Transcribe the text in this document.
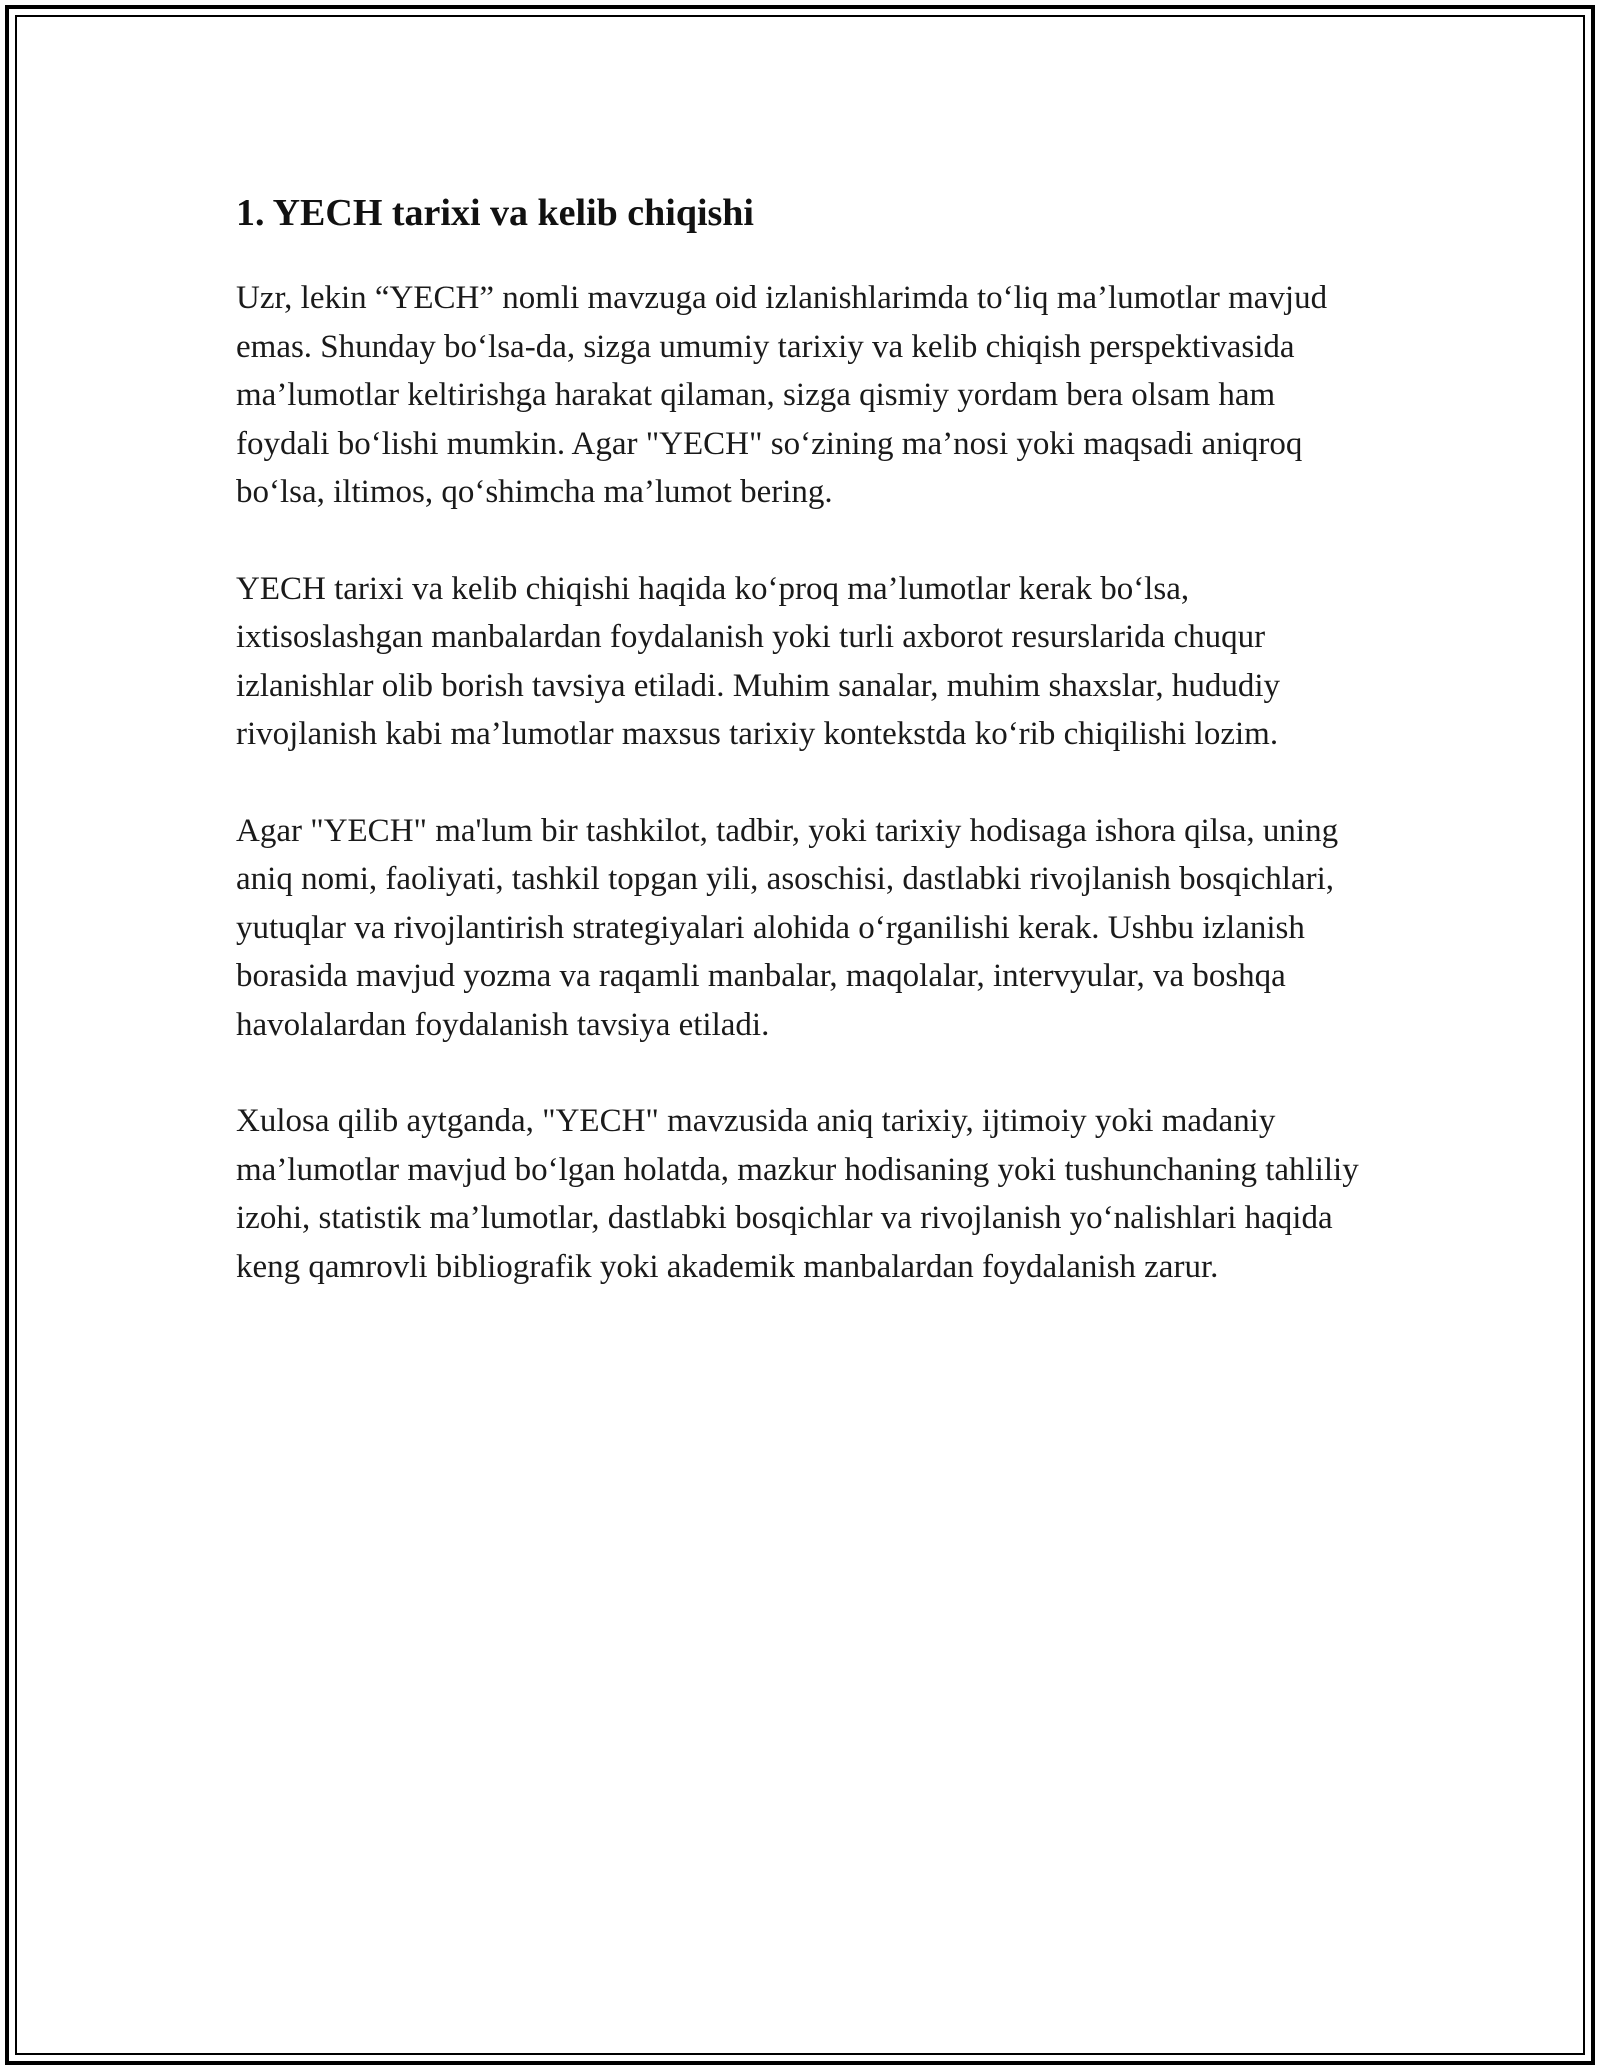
1. YECH tarixi va kelib chiqishi

Uzr, lekin “YECH” nomli mavzuga oid izlanishlarimda to‘liq ma’lumotlar mavjud emas. Shunday bo‘lsa-da, sizga umumiy tarixiy va kelib chiqish perspektivasida ma’lumotlar keltirishga harakat qilaman, sizga qismiy yordam bera olsam ham foydali bo‘lishi mumkin. Agar "YECH" so‘zining ma’nosi yoki maqsadi aniqroq bo‘lsa, iltimos, qo‘shimcha ma’lumot bering.

YECH tarixi va kelib chiqishi haqida ko‘proq ma’lumotlar kerak bo‘lsa, ixtisoslashgan manbalardan foydalanish yoki turli axborot resurslarida chuqur izlanishlar olib borish tavsiya etiladi. Muhim sanalar, muhim shaxslar, hududiy rivojlanish kabi ma’lumotlar maxsus tarixiy kontekstda ko‘rib chiqilishi lozim.

Agar "YECH" ma'lum bir tashkilot, tadbir, yoki tarixiy hodisaga ishora qilsa, uning aniq nomi, faoliyati, tashkil topgan yili, asoschisi, dastlabki rivojlanish bosqichlari, yutuqlar va rivojlantirish strategiyalari alohida o‘rganilishi kerak. Ushbu izlanish borasida mavjud yozma va raqamli manbalar, maqolalar, intervyular, va boshqa havolalardan foydalanish tavsiya etiladi.

Xulosa qilib aytganda, "YECH" mavzusida aniq tarixiy, ijtimoiy yoki madaniy ma’lumotlar mavjud bo‘lgan holatda, mazkur hodisaning yoki tushunchaning tahliliy izohi, statistik ma’lumotlar, dastlabki bosqichlar va rivojlanish yo‘nalishlari haqida keng qamrovli bibliografik yoki akademik manbalardan foydalanish zarur.
